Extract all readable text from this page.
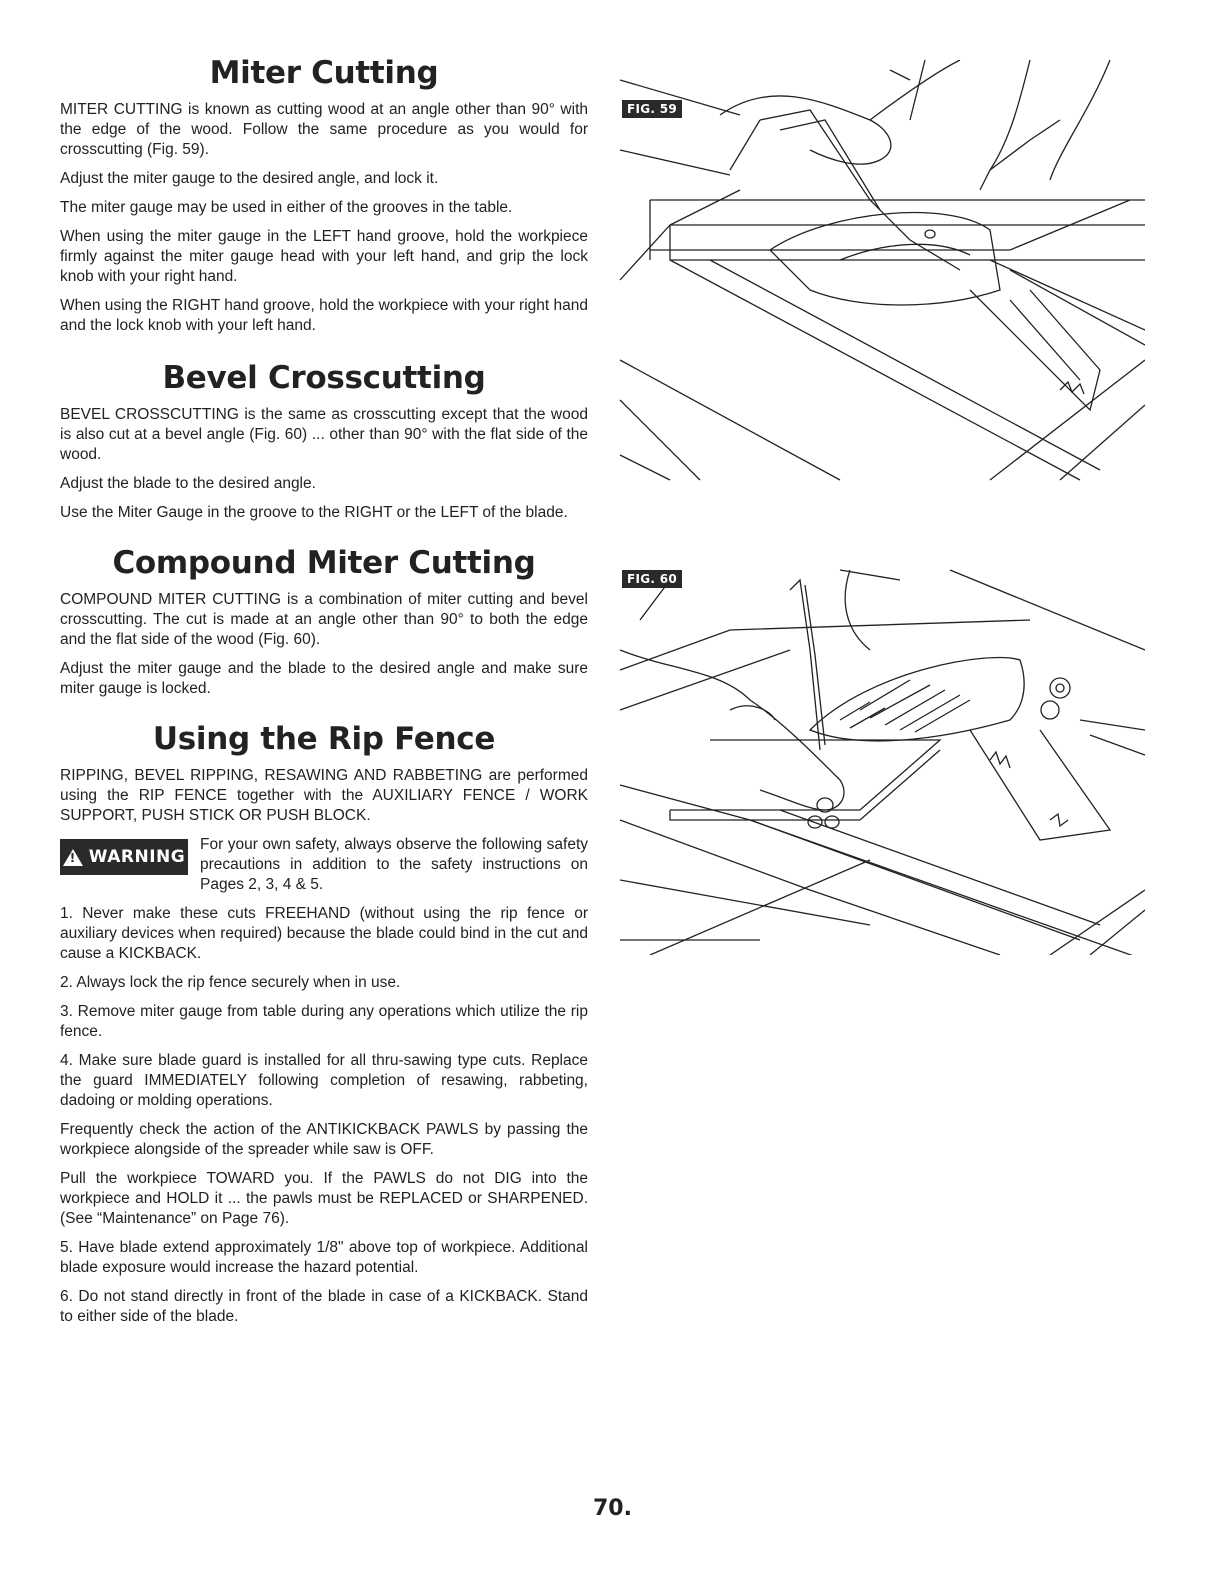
Miter Cutting

MITER CUTTING is known as cutting wood at an angle other than 90° with the edge of the wood. Follow the same procedure as you would for crosscutting (Fig. 59).

Adjust the miter gauge to the desired angle, and lock it.

The miter gauge may be used in either of the grooves in the table.

When using the miter gauge in the LEFT hand groove, hold the workpiece firmly against the miter gauge head with your left hand, and grip the lock knob with your right hand.

When using the RIGHT hand groove, hold the workpiece with your right hand and the lock knob with your left hand.

Bevel Crosscutting

BEVEL CROSSCUTTING is the same as crosscutting except that the wood is also cut at a bevel angle (Fig. 60) ... other than 90° with the flat side of the wood.

Adjust the blade to the desired angle.

Use the Miter Gauge in the groove to the RIGHT or the LEFT of the blade.

Compound Miter Cutting

COMPOUND MITER CUTTING is a combination of miter cutting and bevel crosscutting. The cut is made at an angle other than 90° to both the edge and the flat side of the wood (Fig. 60).

Adjust the miter gauge and the blade to the desired angle and make sure miter gauge is locked.

Using the Rip Fence

RIPPING, BEVEL RIPPING, RESAWING AND RABBETING are performed using the RIP FENCE together with the AUXILIARY FENCE / WORK SUPPORT, PUSH STICK OR PUSH BLOCK.

! WARNING

For your own safety, always observe the following safety precautions in addition to the safety instructions on Pages 2, 3, 4 & 5.

1. Never make these cuts FREEHAND (without using the rip fence or auxiliary devices when required) because the blade could bind in the cut and cause a KICKBACK.

2. Always lock the rip fence securely when in use.

3. Remove miter gauge from table during any operations which utilize the rip fence.

4. Make sure blade guard is installed for all thru-sawing type cuts. Replace the guard IMMEDIATELY following completion of resawing, rabbeting, dadoing or molding operations.

Frequently check the action of the ANTIKICKBACK PAWLS by passing the workpiece alongside of the spreader while saw is OFF.

Pull the workpiece TOWARD you. If the PAWLS do not DIG into the workpiece and HOLD it ... the pawls must be REPLACED or SHARPENED. (See “Maintenance” on Page 76).

5. Have blade extend approximately 1/8" above top of workpiece. Additional blade exposure would increase the hazard potential.

6. Do not stand directly in front of the blade in case of a KICKBACK. Stand to either side of the blade.

FIG. 59
FIG. 60
70.
